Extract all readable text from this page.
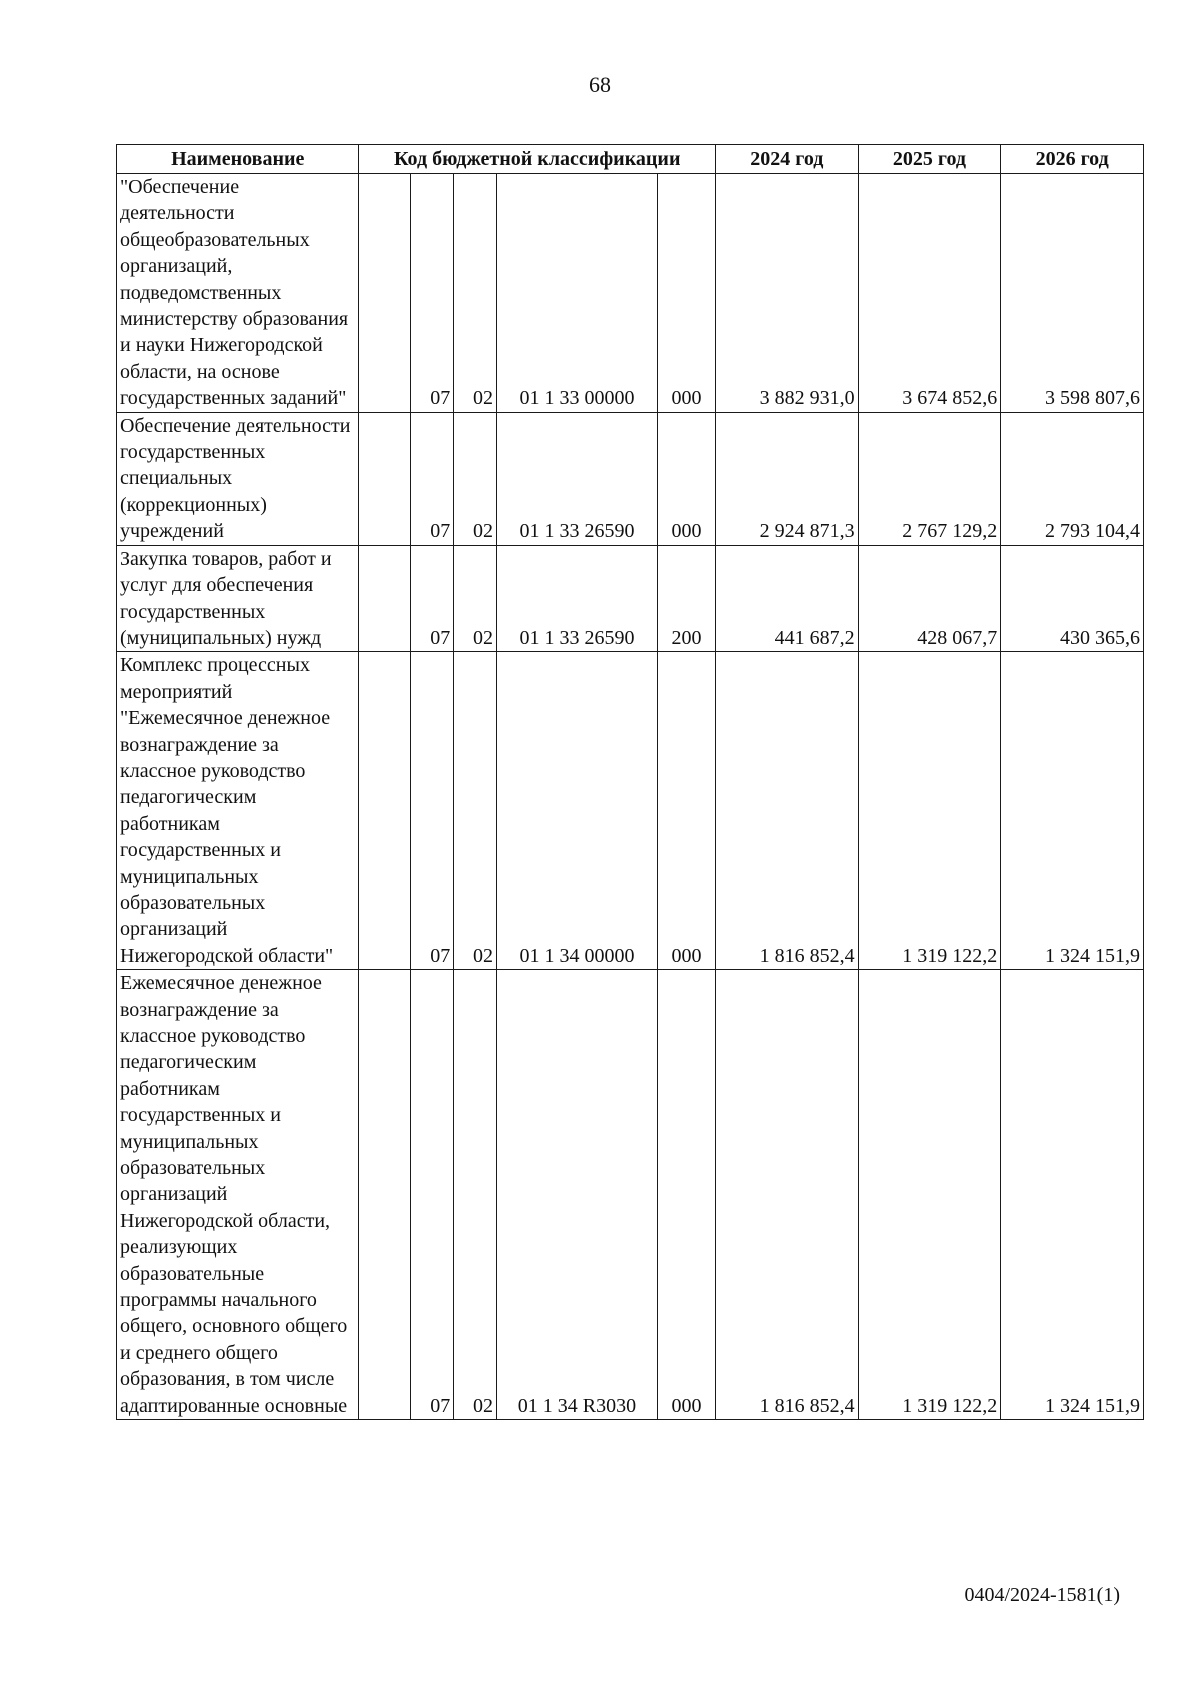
68
Наименование	Код бюджетной классификации					2024 год	2025 год	2026 год
"Обеспечение деятельности общеобразовательных организаций, подведомственных министерству образования и науки Нижегородской области, на основе государственных заданий"		07	02	01 1 33 00000	000	3 882 931,0	3 674 852,6	3 598 807,6
Обеспечение деятельности государственных специальных (коррекционных) учреждений		07	02	01 1 33 26590	000	2 924 871,3	2 767 129,2	2 793 104,4
Закупка товаров, работ и услуг для обеспечения государственных (муниципальных) нужд		07	02	01 1 33 26590	200	441 687,2	428 067,7	430 365,6
Комплекс процессных мероприятий "Ежемесячное денежное вознаграждение за классное руководство педагогическим работникам государственных и муниципальных образовательных организаций Нижегородской области"		07	02	01 1 34 00000	000	1 816 852,4	1 319 122,2	1 324 151,9
Ежемесячное денежное вознаграждение за классное руководство педагогическим работникам государственных и муниципальных образовательных организаций Нижегородской области, реализующих образовательные программы начального общего, основного общего и среднего общего образования, в том числе адаптированные основные		07	02	01 1 34 R3030	000	1 816 852,4	1 319 122,2	1 324 151,9
0404/2024-1581(1)
